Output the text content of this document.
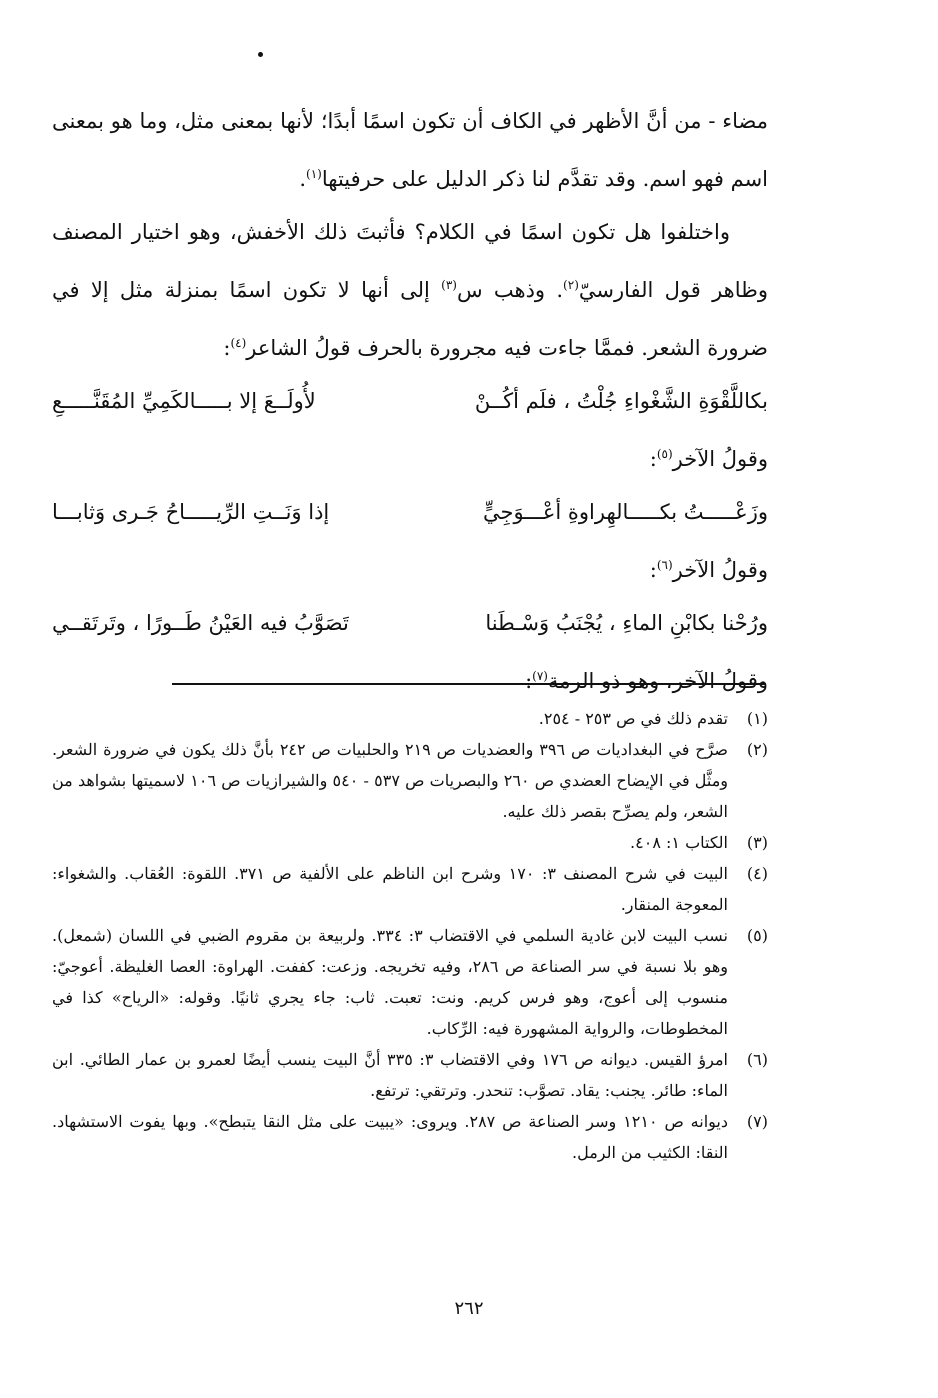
مضاء - من أنَّ الأظهر في الكاف أن تكون اسمًا أبدًا؛ لأنها بمعنى مثل، وما هو بمعنى اسم فهو اسم. وقد تقدَّم لنا ذكر الدليل على حرفيتها$^{(١)}$.

واختلفوا هل تكون اسمًا في الكلام؟ فأثبتَ ذلك الأخفش، وهو اختيار المصنف وظاهر قول الفارسيّ$^{(٢)}$. وذهب س$^{(٣)}$ إلى أنها لا تكون اسمًا بمنزلة مثل إلا في ضرورة الشعر. فممَّا جاءت فيه مجرورة بالحرف قولُ الشاعر$^{(٤)}$:

بكاللَّقْوَةِ الشَّغْواءِ جُلْتُ ، فلَم أكُــنْ
لأُولَــعَ إلا بـــــالكَمِيِّ المُقَنَّـــــعِ

وقولُ الآخر$^{(٥)}$:

وزَعْـــــتُ بكـــــالهِراوةِ أعْـــوَجِيٍّ
إذا وَنَــتِ الرِّيـــــاحُ جَـرى وَثابـــا

وقولُ الآخر$^{(٦)}$:

ورُحْنا بكابْنِ الماءِ ، يُجْنَبُ وَسْـطَنا
تَصَوَّبُ فيه العَيْنُ طَــورًا ، وتَرتَقــي

وقولُ الآخر، وهو ذو الرمة$^{(٧)}$:

(١)
تقدم ذلك في ص ٢٥٣ - ٢٥٤.
(٢)
صرَّح في البغداديات ص ٣٩٦ والعضديات ص ٢١٩ والحلبيات ص ٢٤٢ بأنَّ ذلك يكون في ضرورة الشعر. ومثَّل في الإيضاح العضدي ص ٢٦٠ والبصريات ص ٥٣٧ - ٥٤٠ والشيرازيات ص ١٠٦ لاسميتها بشواهد من الشعر، ولم يصرِّح بقصر ذلك عليه.
(٣)
الكتاب ١: ٤٠٨.
(٤)
البيت في شرح المصنف ٣: ١٧٠ وشرح ابن الناظم على الألفية ص ٣٧١. اللقوة: العُقاب. والشغواء: المعوجة المنقار.
(٥)
نسب البيت لابن غادية السلمي في الاقتضاب ٣: ٣٣٤. ولربيعة بن مقروم الضبي في اللسان (شمعل). وهو بلا نسبة في سر الصناعة ص ٢٨٦، وفيه تخريجه. وزعت: كففت. الهراوة: العصا الغليظة. أعوجيّ: منسوب إلى أعوج، وهو فرس كريم. ونت: تعبت. ثاب: جاء يجري ثانيًا. وقوله: «الرياح» كذا في المخطوطات، والرواية المشهورة فيه: الرِّكاب.
(٦)
امرؤ القيس. ديوانه ص ١٧٦ وفي الاقتضاب ٣: ٣٣٥ أنَّ البيت ينسب أيضًا لعمرو بن عمار الطائي. ابن الماء: طائر. يجنب: يقاد. تصوَّب: تنحدر. وترتقي: ترتفع.
(٧)
ديوانه ص ١٢١٠ وسر الصناعة ص ٢٨٧. ويروى: «يبيت على مثل النقا يتبطح». وبها يفوت الاستشهاد. النقا: الكثيب من الرمل.
٢٦٢
